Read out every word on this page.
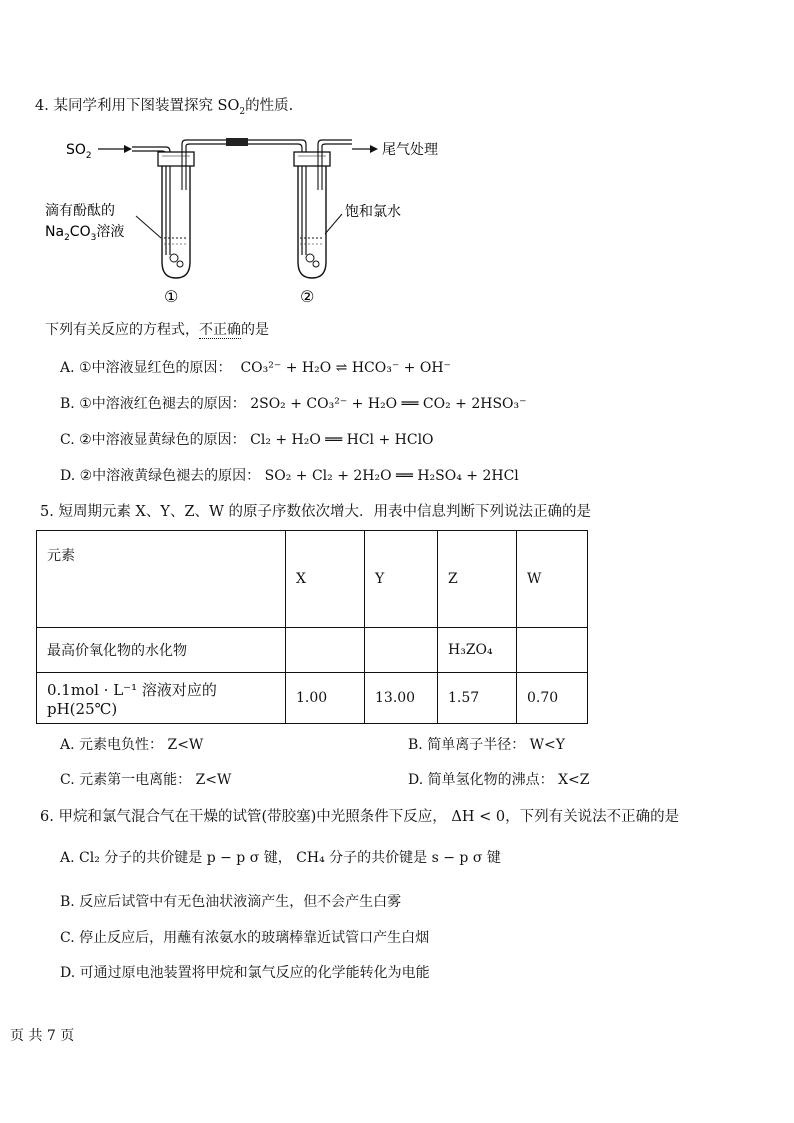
4. 某同学利用下图装置探究 $SO_2$的性质.
$SO_2$	尾气处理
滴有酚酞的
$Na_2CO_3$溶液
饱和氯水
①	②
下列有关反应的方程式，不正确的是
A. ①中溶液显红色的原因： CO₃²⁻ + H₂O ⇌ HCO₃⁻ + OH⁻
B. ①中溶液红色褪去的原因： 2SO₂ + CO₃²⁻ + H₂O ══ CO₂ + 2HSO₃⁻
C. ②中溶液显黄绿色的原因： Cl₂ + H₂O ══ HCl + HClO
D. ②中溶液黄绿色褪去的原因： SO₂ + Cl₂ + 2H₂O ══ H₂SO₄ + 2HCl
5. 短周期元素 X、Y、Z、W 的原子序数依次增大．用表中信息判断下列说法正确的是
元素	X	Y	Z	W
最高价氧化物的水化物			H₃ZO₄	
0.1mol · L⁻¹ 溶液对应的 pH(25℃)	1.00	13.00	1.57	0.70
A. 元素电负性： Z<W	B. 简单离子半径： W<Y
C. 元素第一电离能： Z<W	D. 简单氢化物的沸点： X<Z
6. 甲烷和氯气混合气在干燥的试管(带胶塞)中光照条件下反应， ΔH < 0，下列有关说法不正确的是
A. Cl₂ 分子的共价键是 p − p σ 键， CH₄ 分子的共价键是 s − p σ 键
B. 反应后试管中有无色油状液滴产生，但不会产生白雾
C. 停止反应后，用蘸有浓氨水的玻璃棒靠近试管口产生白烟
D. 可通过原电池装置将甲烷和氯气反应的化学能转化为电能
页 共 7 页
